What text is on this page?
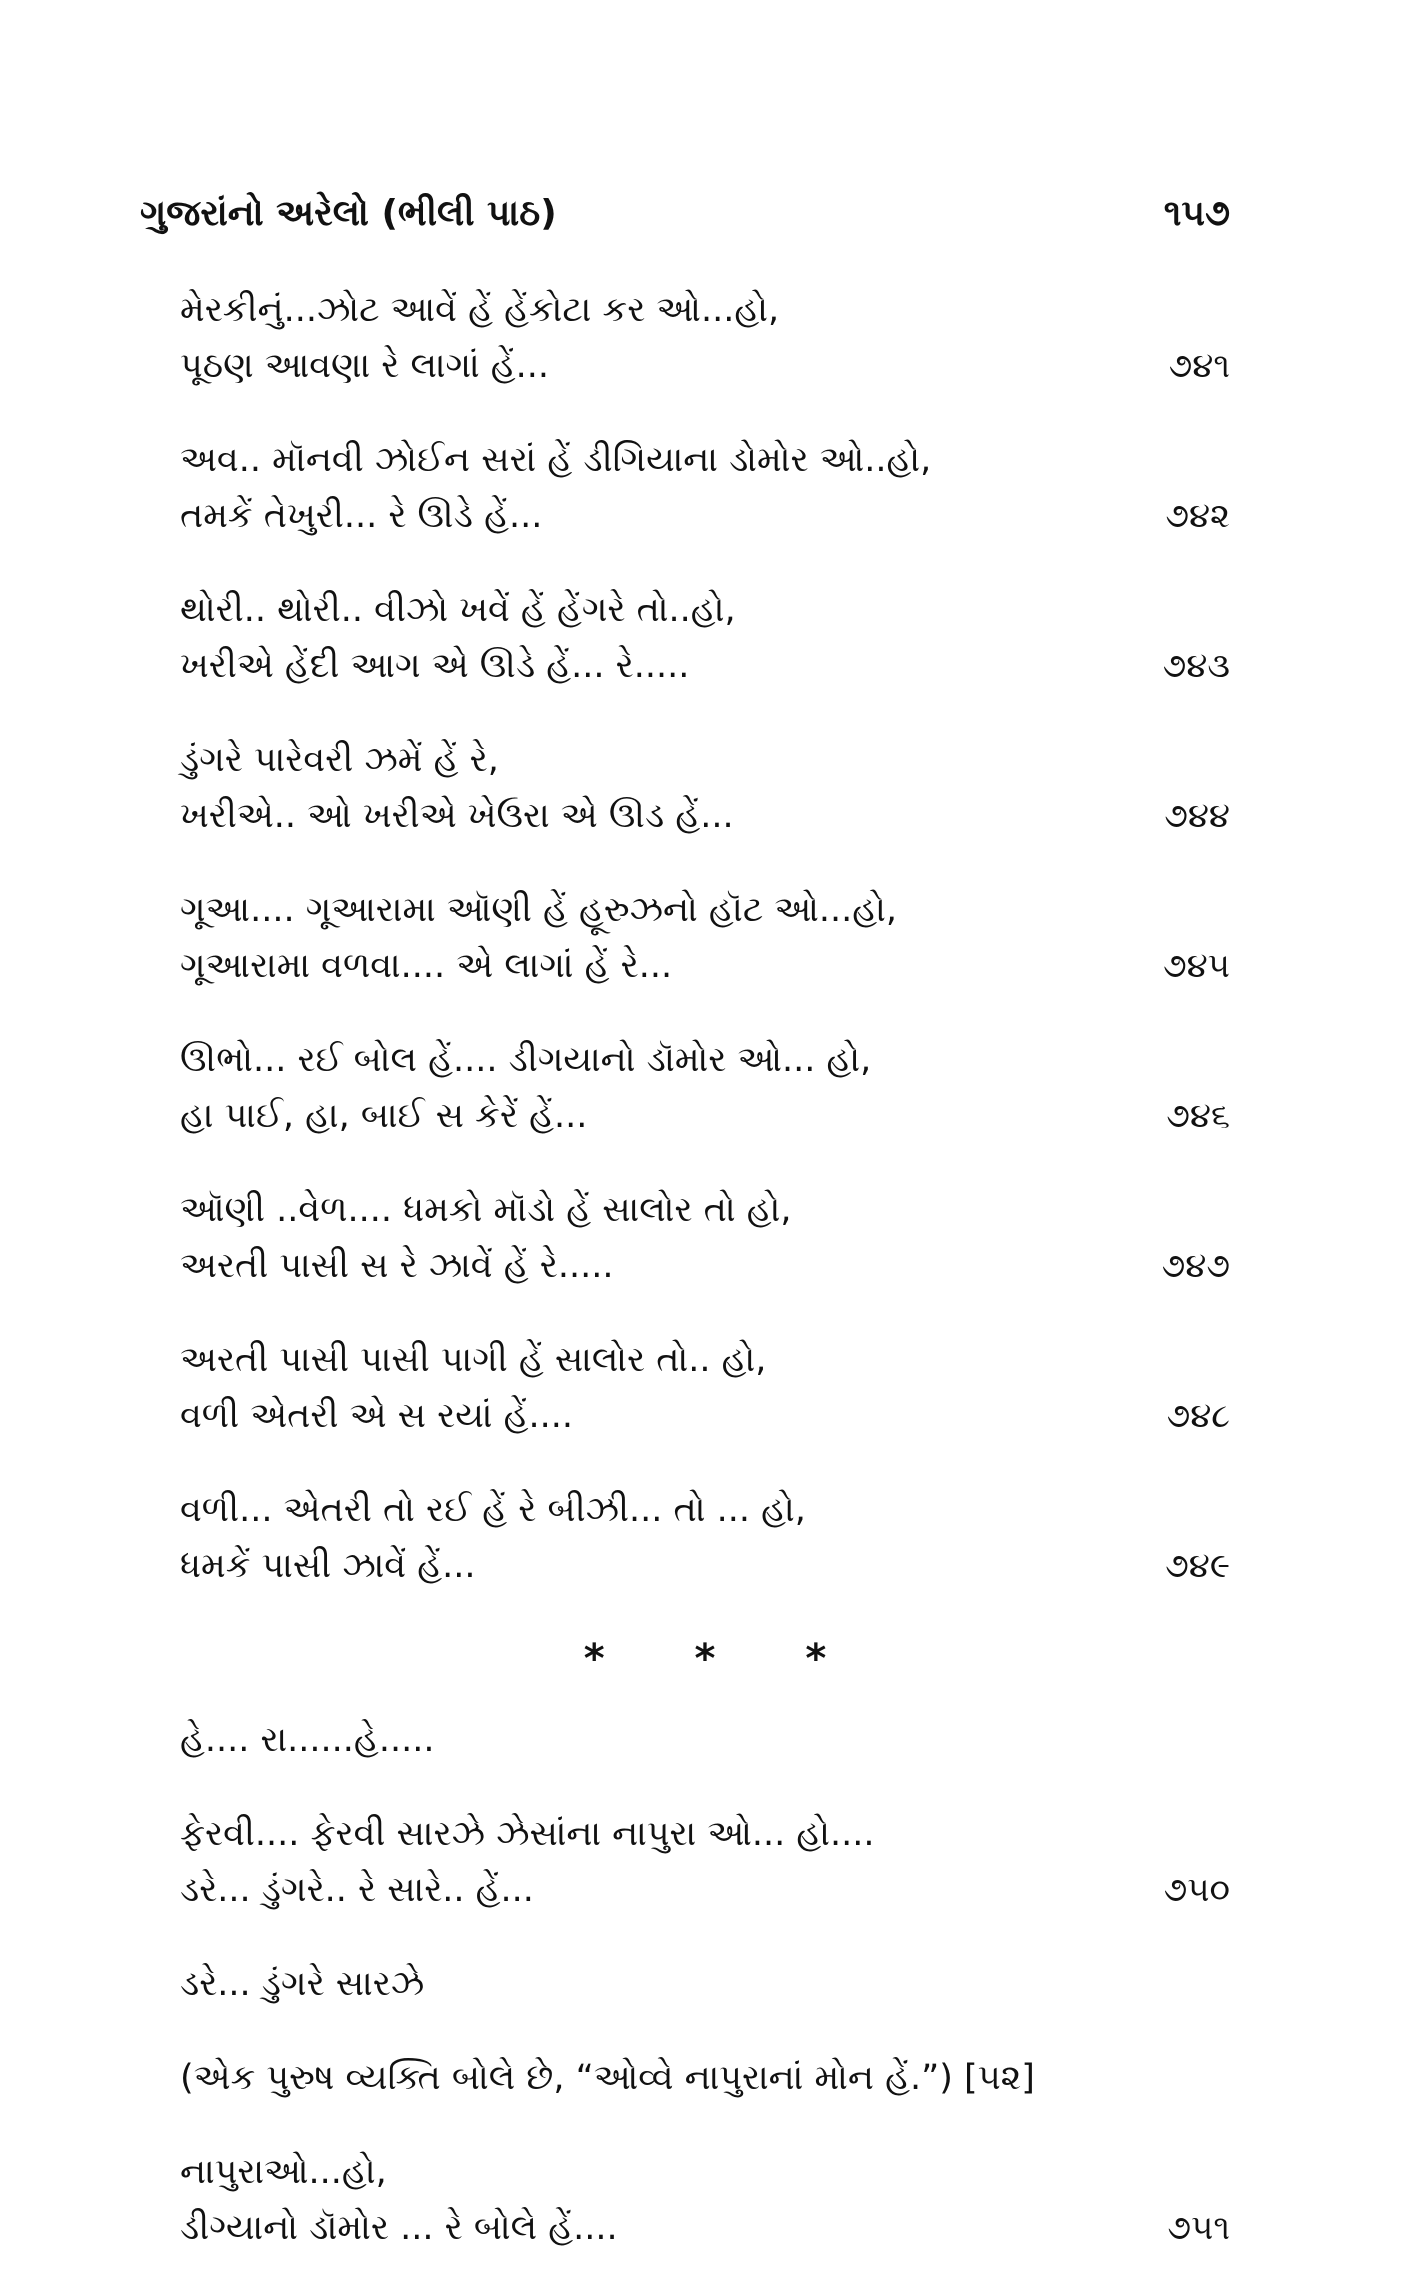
ગુજરાંનો અરેલો (ભીલી પાઠ)	૧૫૭
મેરકીનું...ઝોટ આવેં હેં હેંકોટા કર ઓ...હો,
પૂઠણ આવણા રે લાગાં હેં...	૭૪૧
અવ.. મૉનવી ઝોઈન સરાં હેં ડીગિયાના ડોમોર ઓ..હો,
તમકેં તેખુરી... રે ઊડે હેં...	૭૪૨
થોરી.. થોરી.. વીઝો ખવેં હેં હેંગરે તો..હો,
ખરીએ હેંદી આગ એ ઊડે હેં... રે.....	૭૪૩
ડુંગરે પારેવરી ઝમેં હેં રે,
ખરીએ.. ઓ ખરીએ ખેઉરા એ ઊડ હેં...	૭૪૪
ગૂઆ.... ગૂઆરામા ઑણી હેં હૂરુઝનો હૉટ ઓ...હો,
ગૂઆરામા વળવા.... એ લાગાં હેં રે...	૭૪૫
ઊભો... રઈ બોલ હેં.... ડીગયાનો ડૉમોર ઓ... હો,
હા પાઈ, હા, બાઈ સ કેરેં હેં...	૭૪૬
ઑણી ..વેળ.... ધમકો મૉડો હેં સાલોર તો હો,
અરતી પાસી સ રે ઝાવેં હેં રે.....	૭૪૭
અરતી પાસી પાસી પાગી હેં સાલોર તો.. હો,
વળી એતરી એ સ રયાં હેં....	૭૪૮
વળી... એતરી તો રઈ હેં રે બીઝી... તો ... હો,
ધમકેં પાસી ઝાવેં હેં...	૭૪૯
* * *
હે.... રા......હે.....
ફેરવી.... ફેરવી સારઝે ઝેસાંના નાપુરા ઓ... હો....
ડરે... ડુંગરે.. રે સારે.. હેં...	૭૫૦
ડરે... ડુંગરે સારઝે
(એક પુરુષ વ્યક્તિ બોલે છે, “ઓવ્વે નાપુરાનાં મોન હેં.”) [૫૨]
નાપુરાઓ...હો,
ડીગ્યાનો ડૉમોર ... રે બોલે હેં....	૭૫૧
